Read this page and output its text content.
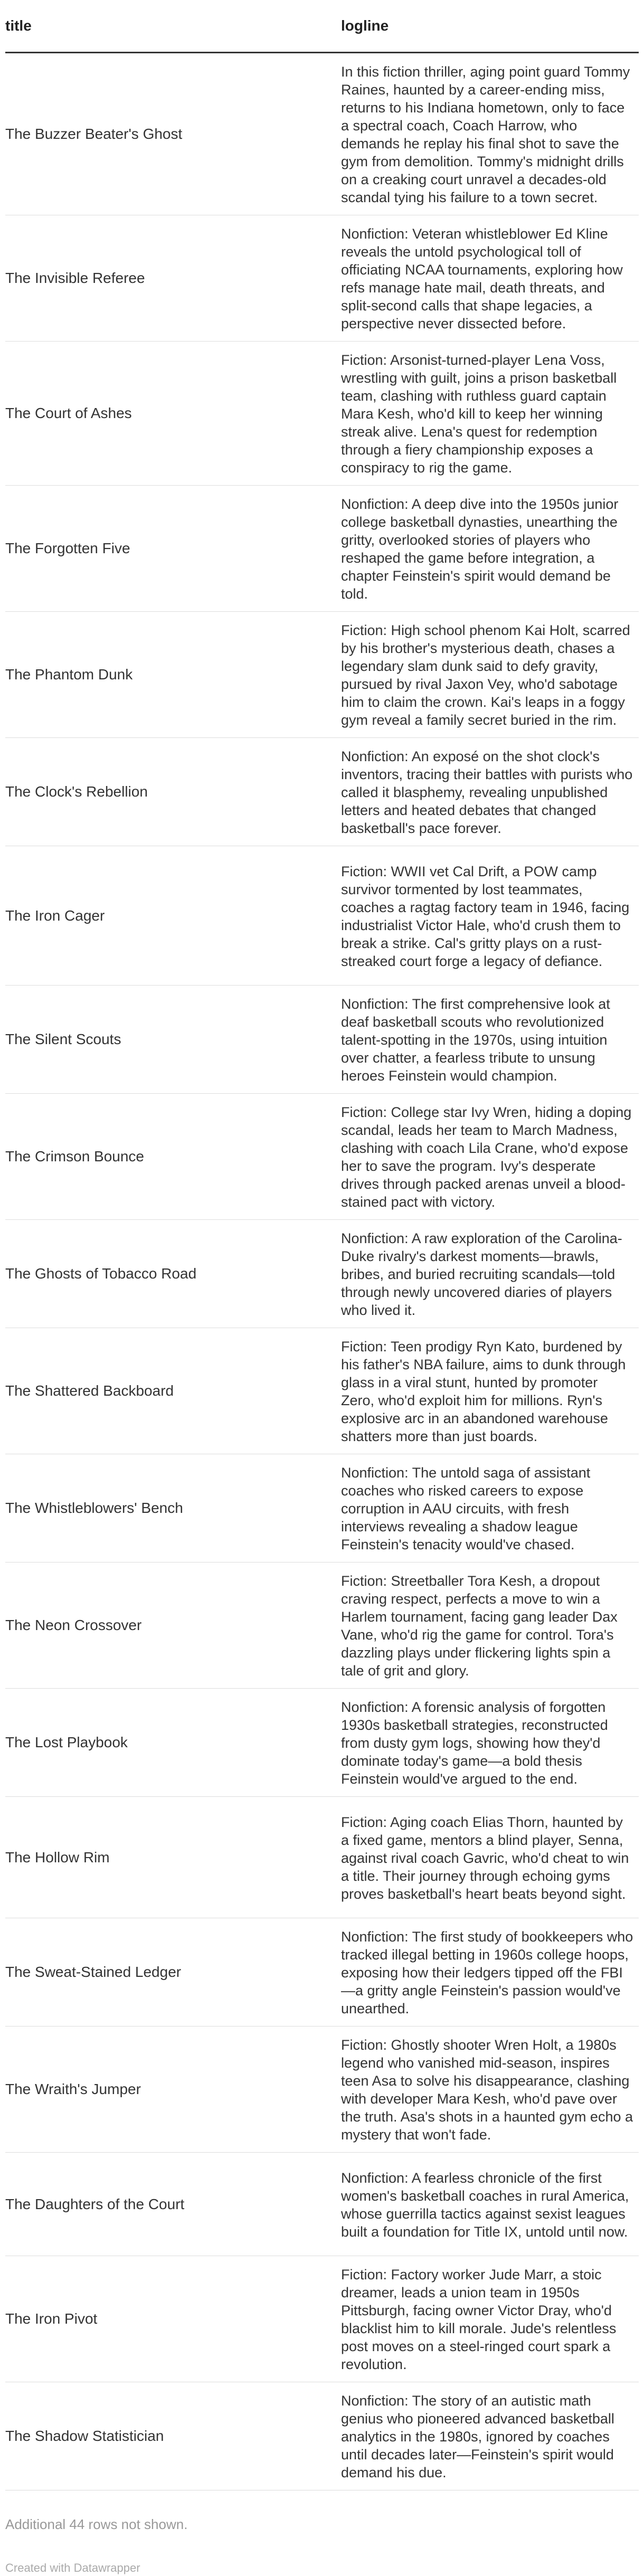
title	logline
The Buzzer Beater's Ghost	In this fiction thriller, aging point guard Tommy Raines, haunted by a career-ending miss, returns to his Indiana hometown, only to face a spectral coach, Coach Harrow, who demands he replay his final shot to save the gym from demolition. Tommy's midnight drills on a creaking court unravel a decades-old scandal tying his failure to a town secret.

The Invisible Referee	Nonfiction: Veteran whistleblower Ed Kline reveals the untold psychological toll of officiating NCAA tournaments, exploring how refs manage hate mail, death threats, and split-second calls that shape legacies, a perspective never dissected before.

The Court of Ashes	Fiction: Arsonist-turned-player Lena Voss, wrestling with guilt, joins a prison basketball team, clashing with ruthless guard captain Mara Kesh, who'd kill to keep her winning streak alive. Lena's quest for redemption through a fiery championship exposes a conspiracy to rig the game.

The Forgotten Five	Nonfiction: A deep dive into the 1950s junior college basketball dynasties, unearthing the gritty, overlooked stories of players who reshaped the game before integration, a chapter Feinstein's spirit would demand be told.

The Phantom Dunk	Fiction: High school phenom Kai Holt, scarred by his brother's mysterious death, chases a legendary slam dunk said to defy gravity, pursued by rival Jaxon Vey, who'd sabotage him to claim the crown. Kai's leaps in a foggy gym reveal a family secret buried in the rim.

The Clock's Rebellion	Nonfiction: An exposé on the shot clock's inventors, tracing their battles with purists who called it blasphemy, revealing unpublished letters and heated debates that changed basketball's pace forever.

The Iron Cager	Fiction: WWII vet Cal Drift, a POW camp survivor tormented by lost teammates, coaches a ragtag factory team in 1946, facing industrialist Victor Hale, who'd crush them to break a strike. Cal's gritty plays on a rust-streaked court forge a legacy of defiance.

The Silent Scouts	Nonfiction: The first comprehensive look at deaf basketball scouts who revolutionized talent-spotting in the 1970s, using intuition over chatter, a fearless tribute to unsung heroes Feinstein would champion.

The Crimson Bounce	Fiction: College star Ivy Wren, hiding a doping scandal, leads her team to March Madness, clashing with coach Lila Crane, who'd expose her to save the program. Ivy's desperate drives through packed arenas unveil a blood-stained pact with victory.

The Ghosts of Tobacco Road	Nonfiction: A raw exploration of the Carolina-Duke rivalry's darkest moments—brawls, bribes, and buried recruiting scandals—told through newly uncovered diaries of players who lived it.

The Shattered Backboard	Fiction: Teen prodigy Ryn Kato, burdened by his father's NBA failure, aims to dunk through glass in a viral stunt, hunted by promoter Zero, who'd exploit him for millions. Ryn's explosive arc in an abandoned warehouse shatters more than just boards.

The Whistleblowers' Bench	Nonfiction: The untold saga of assistant coaches who risked careers to expose corruption in AAU circuits, with fresh interviews revealing a shadow league Feinstein's tenacity would've chased.

The Neon Crossover	Fiction: Streetballer Tora Kesh, a dropout craving respect, perfects a move to win a Harlem tournament, facing gang leader Dax Vane, who'd rig the game for control. Tora's dazzling plays under flickering lights spin a tale of grit and glory.

The Lost Playbook	Nonfiction: A forensic analysis of forgotten 1930s basketball strategies, reconstructed from dusty gym logs, showing how they'd dominate today's game—a bold thesis Feinstein would've argued to the end.

The Hollow Rim	Fiction: Aging coach Elias Thorn, haunted by a fixed game, mentors a blind player, Senna, against rival coach Gavric, who'd cheat to win a title. Their journey through echoing gyms proves basketball's heart beats beyond sight.

The Sweat-Stained Ledger	Nonfiction: The first study of bookkeepers who tracked illegal betting in 1960s college hoops, exposing how their ledgers tipped off the FBI—a gritty angle Feinstein's passion would've unearthed.

The Wraith's Jumper	Fiction: Ghostly shooter Wren Holt, a 1980s legend who vanished mid-season, inspires teen Asa to solve his disappearance, clashing with developer Mara Kesh, who'd pave over the truth. Asa's shots in a haunted gym echo a mystery that won't fade.

The Daughters of the Court	Nonfiction: A fearless chronicle of the first women's basketball coaches in rural America, whose guerrilla tactics against sexist leagues built a foundation for Title IX, untold until now.

The Iron Pivot	Fiction: Factory worker Jude Marr, a stoic dreamer, leads a union team in 1950s Pittsburgh, facing owner Victor Dray, who'd blacklist him to kill morale. Jude's relentless post moves on a steel-ringed court spark a revolution.

The Shadow Statistician	Nonfiction: The story of an autistic math genius who pioneered advanced basketball analytics in the 1980s, ignored by coaches until decades later—Feinstein's spirit would demand his due.
Additional 44 rows not shown.
Created with Datawrapper
